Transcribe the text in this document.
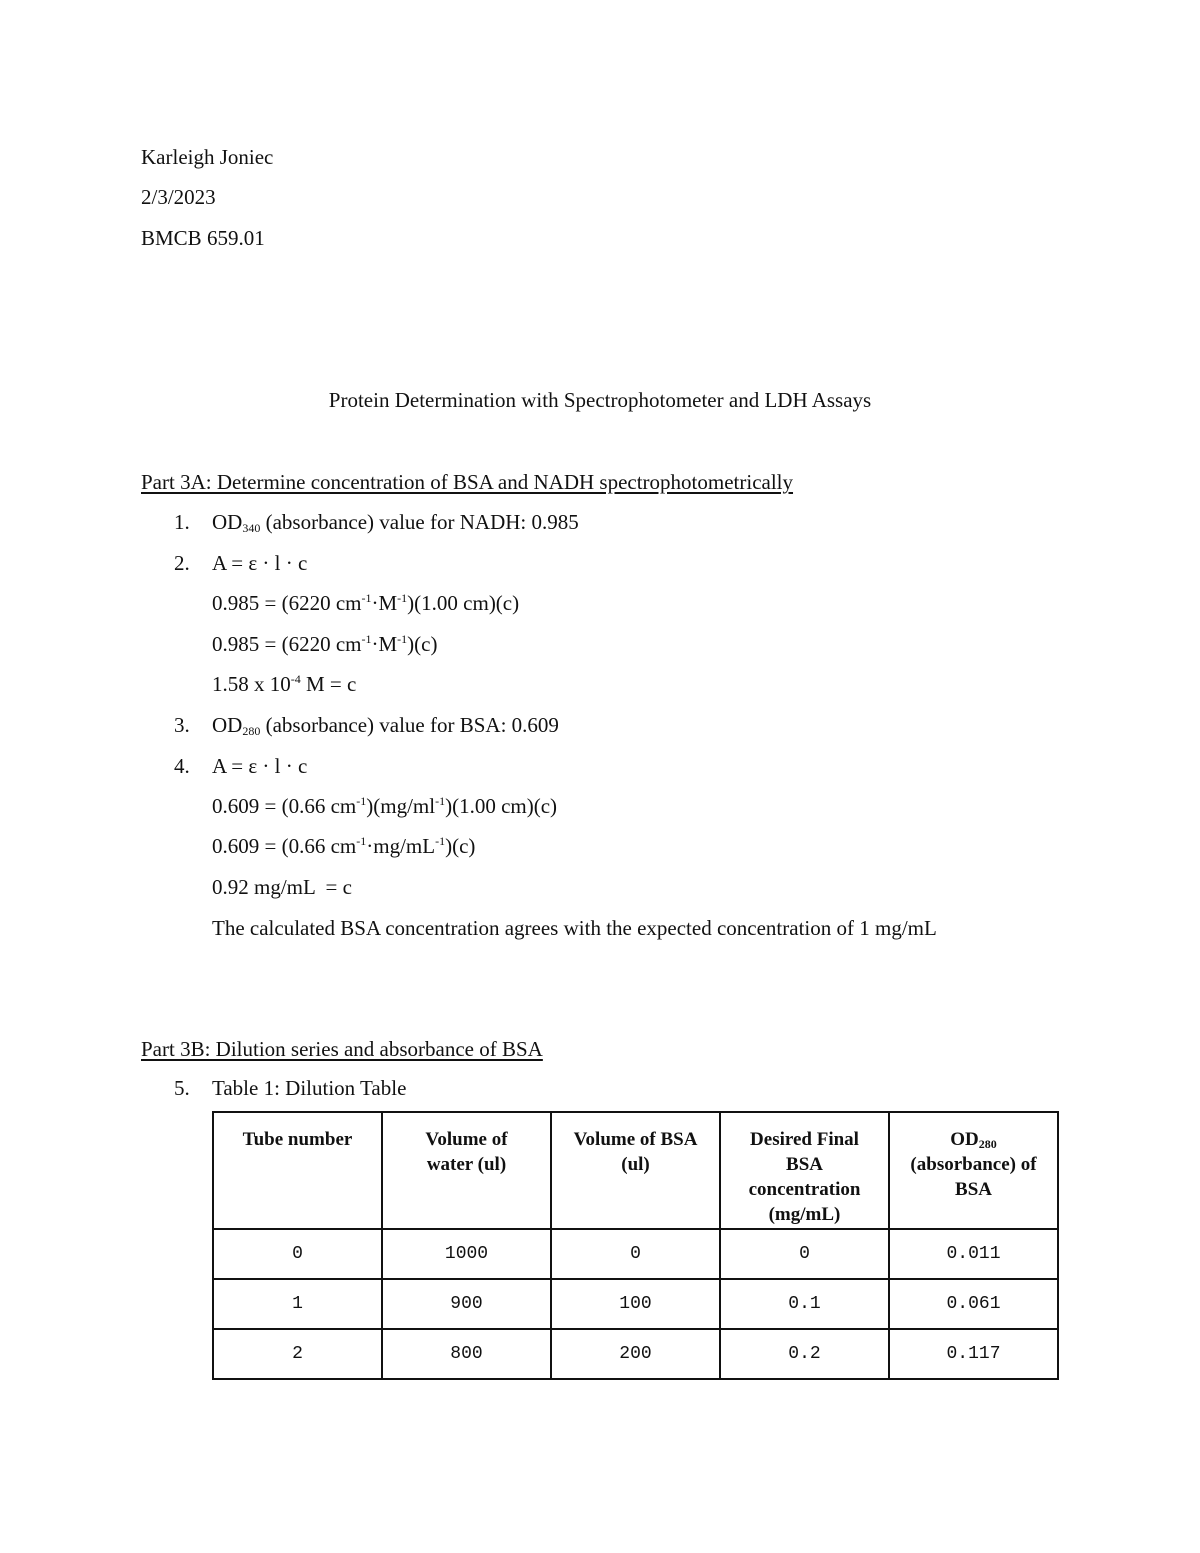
Karleigh Joniec
2/3/2023
BMCB 659.01
Protein Determination with Spectrophotometer and LDH Assays
Part 3A: Determine concentration of BSA and NADH spectrophotometrically
1. $OD_{340}$ (absorbance) value for NADH: 0.985
2. A = ε · l · c
0.985 = (6220 $cm^{-1}\cdot M^{-1})(1.00$ cm)(c)
0.985 = (6220 $cm^{-1}\cdot M^{-1})(c)$
1.58 x $10^{-4}$ M = c
3. $OD_{280}$ (absorbance) value for BSA: 0.609
4. A = ε · l · c
0.609 = (0.66 $cm^{-1})(mg/ml^{-1})(1.00$ cm)(c)
0.609 = (0.66 $cm^{-1}\cdot mg/mL^{-1})(c)$
0.92 mg/mL  = c
The calculated BSA concentration agrees with the expected concentration of 1 mg/mL
Part 3B: Dilution series and absorbance of BSA
5. Table 1: Dilution Table
Tube number	Volume of water (ul)	Volume of BSA (ul)	Desired Final BSA concentration (mg/mL)	OD280
(absorbance) of BSA
0	1000	0	0	0.011
1	900	100	0.1	0.061
2	800	200	0.2	0.117
